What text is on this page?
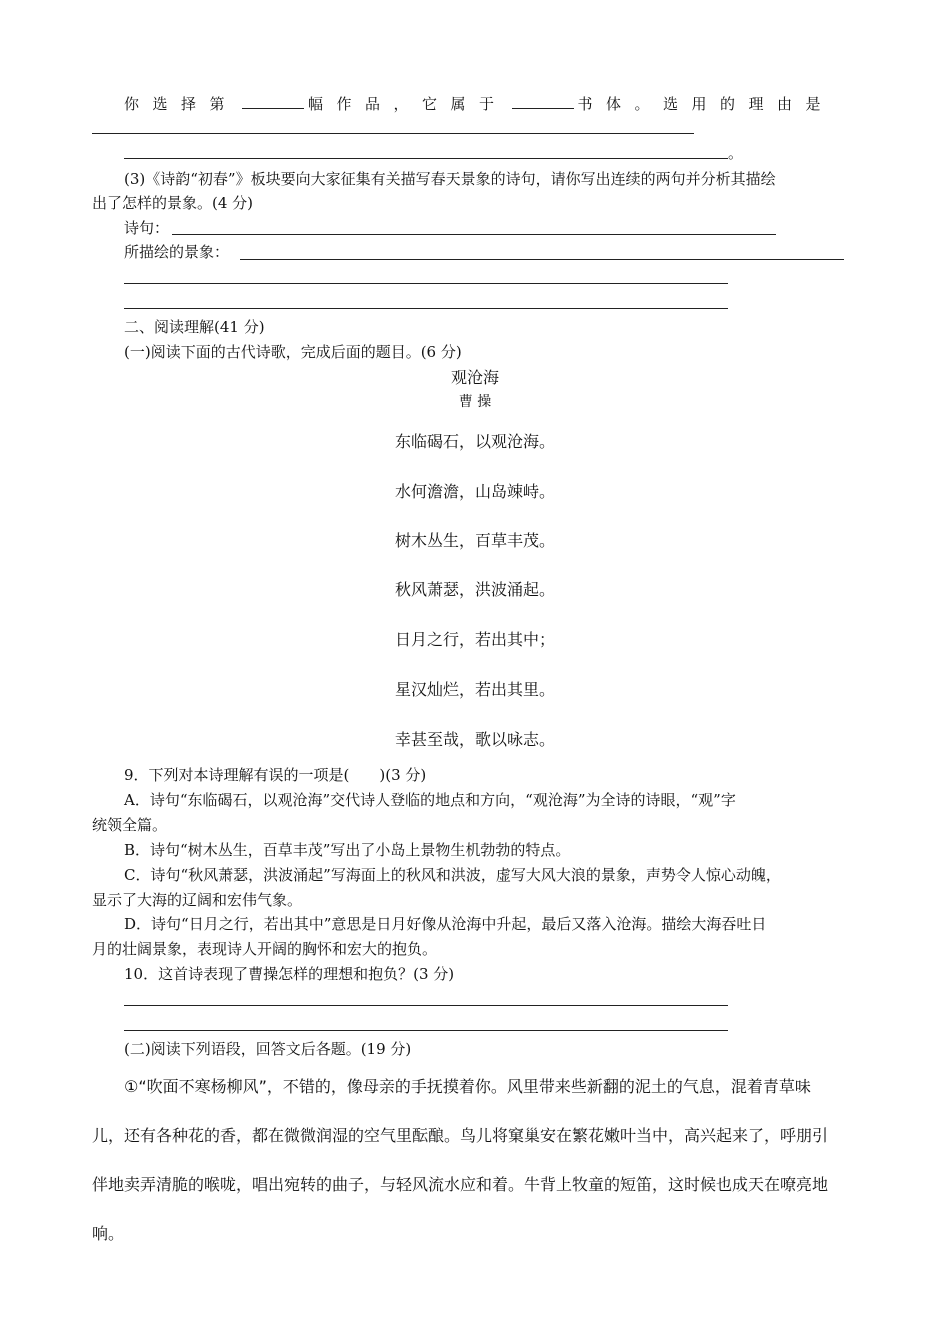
你选择第	幅作品，它属于	书体。选用的理由是
。
(3)《诗韵“初春”》板块要向大家征集有关描写春天景象的诗句，请你写出连续的两句并分析其描绘
出了怎样的景象。(4 分)
诗句：
所描绘的景象：
二、阅读理解(41 分)
(一)阅读下面的古代诗歌，完成后面的题目。(6 分)
观沧海
曹 操
东临碣石，以观沧海。
水何澹澹，山岛竦峙。
树木丛生，百草丰茂。
秋风萧瑟，洪波涌起。
日月之行，若出其中；
星汉灿烂，若出其里。
幸甚至哉，歌以咏志。
9．下列对本诗理解有误的一项是(　　)(3 分)
A．诗句“东临碣石，以观沧海”交代诗人登临的地点和方向，“观沧海”为全诗的诗眼，“观”字
统领全篇。
B．诗句“树木丛生，百草丰茂”写出了小岛上景物生机勃勃的特点。
C．诗句“秋风萧瑟，洪波涌起”写海面上的秋风和洪波，虚写大风大浪的景象，声势令人惊心动魄，
显示了大海的辽阔和宏伟气象。
D．诗句“日月之行，若出其中”意思是日月好像从沧海中升起，最后又落入沧海。描绘大海吞吐日
月的壮阔景象，表现诗人开阔的胸怀和宏大的抱负。
10．这首诗表现了曹操怎样的理想和抱负？(3 分)
(二)阅读下列语段，回答文后各题。(19 分)
①“吹面不寒杨柳风”，不错的，像母亲的手抚摸着你。风里带来些新翻的泥土的气息，混着青草味
儿，还有各种花的香，都在微微润湿的空气里酝酿。鸟儿将窠巢安在繁花嫩叶当中，高兴起来了，呼朋引
伴地卖弄清脆的喉咙，唱出宛转的曲子，与轻风流水应和着。牛背上牧童的短笛，这时候也成天在嘹亮地
响。
